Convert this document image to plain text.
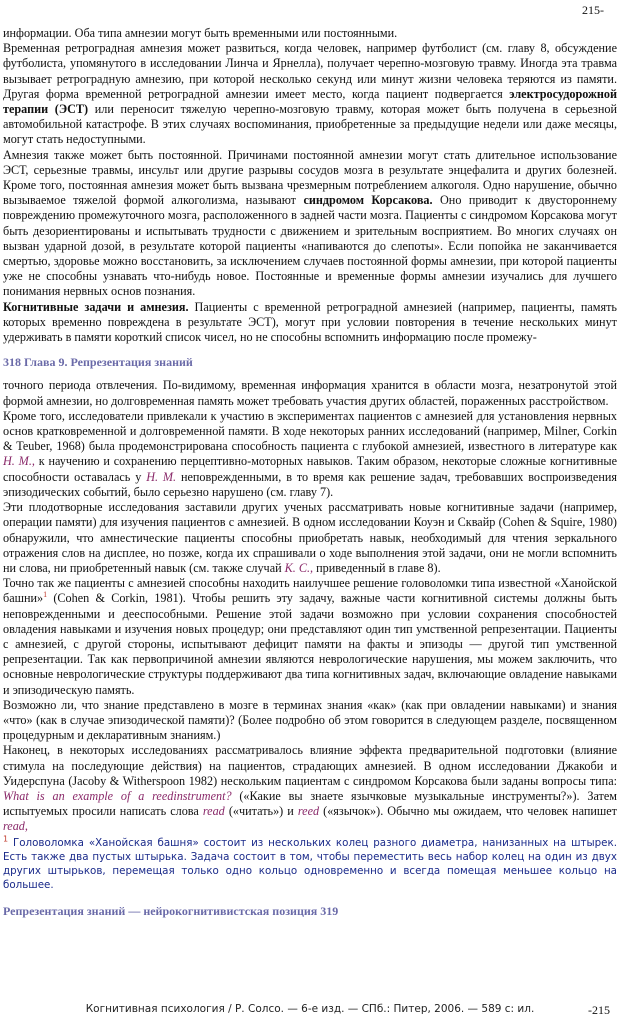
215-

информации. Оба типа амнезии могут быть временными или постоянными.

Временная ретроградная амнезия может развиться, когда человек, например футболист (см. главу 8, обсуждение футболиста, упомянутого в исследовании Линча и Ярнелла), получает черепно-мозговую травму. Иногда эта травма вызывает ретроградную амнезию, при которой несколько секунд или минут жизни человека теряются из памяти. Другая форма временной ретроградной амнезии имеет место, когда пациент подвергается электросудорожной терапии (ЭСТ) или переносит тяжелую черепно-мозговую травму, которая может быть получена в серьезной автомобильной катастрофе. В этих случаях воспоминания, приобретенные за предыдущие недели или даже месяцы, могут стать недоступными.

Амнезия также может быть постоянной. Причинами постоянной амнезии могут стать длительное использование ЭСТ, серьезные травмы, инсульт или другие разрывы сосудов мозга в результате энцефалита и других болезней. Кроме того, постоянная амнезия может быть вызвана чрезмерным потреблением алкоголя. Одно нарушение, обычно вызываемое тяжелой формой алкоголизма, называют синдромом Корсакова. Оно приводит к двустороннему повреждению промежуточного мозга, расположенного в задней части мозга. Пациенты с синдромом Корсакова могут быть дезориентированы и испытывать трудности с движением и зрительным восприятием. Во многих случаях он вызван ударной дозой, в результате которой пациенты «напиваются до слепоты». Если попойка не заканчивается смертью, здоровье можно восстановить, за исключением случаев постоянной формы амнезии, при которой пациенты уже не способны узнавать что-нибудь новое. Постоянные и временные формы амнезии изучались для лучшего понимания нервных основ познания.

Когнитивные задачи и амнезия. Пациенты с временной ретроградной амнезией (например, пациенты, память которых временно повреждена в результате ЭСТ), могут при условии повторения в течение нескольких минут удерживать в памяти короткий список чисел, но не способны вспомнить информацию после промежу-

318 Глава 9. Репрезентация знаний

точного периода отвлечения. По-видимому, временная информация хранится в области мозга, незатронутой этой формой амнезии, но долговременная память может требовать участия других областей, пораженных расстройством.

Кроме того, исследователи привлекали к участию в экспериментах пациентов с амнезией для установления нервных основ кратковременной и долговременной памяти. В ходе некоторых ранних исследований (например, Milner, Corkin & Teuber, 1968) была продемонстрирована способность пациента с глубокой амнезией, известного в литературе как Н. М., к научению и сохранению перцептивно-моторных навыков. Таким образом, некоторые сложные когнитивные способности оставалась у Н. М. неповрежденными, в то время как решение задач, требовавших воспроизведения эпизодических событий, было серьезно нарушено (см. главу 7).

Эти плодотворные исследования заставили других ученых рассматривать новые когнитивные задачи (например, операции памяти) для изучения пациентов с амнезией. В одном исследовании Коуэн и Сквайр (Cohen & Squire, 1980) обнаружили, что амнестические пациенты способны приобретать навык, необходимый для чтения зеркального отражения слов на дисплее, но позже, когда их спрашивали о ходе выполнения этой задачи, они не могли вспомнить ни слова, ни приобретенный навык (см. также случай К. С., приведенный в главе 8).

Точно так же пациенты с амнезией способны находить наилучшее решение головоломки типа известной «Ханойской башни»$^1$ (Cohen & Corkin, 1981). Чтобы решить эту задачу, важные части когнитивной системы должны быть неповрежденными и дееспособными. Решение этой задачи возможно при условии сохранения способностей овладения навыками и изучения новых процедур; они представляют один тип умственной репрезентации. Пациенты с амнезией, с другой стороны, испытывают дефицит памяти на факты и эпизоды — другой тип умственной репрезентации. Так как первопричиной амнезии являются неврологические нарушения, мы можем заключить, что основные неврологические структуры поддерживают два типа когнитивных задач, включающие овладение навыками и эпизодическую память.

Возможно ли, что знание представлено в мозге в терминах знания «как» (как при овладении навыками) и знания «что» (как в случае эпизодической памяти)? (Более подробно об этом говорится в следующем разделе, посвященном процедурным и декларативным знаниям.)

Наконец, в некоторых исследованиях рассматривалось влияние эффекта предварительной подготовки (влияние стимула на последующие действия) на пациентов, страдающих амнезией. В одном исследовании Джакоби и Уидерспуна (Jacoby & Witherspoon 1982) нескольким пациентам с синдромом Корсакова были заданы вопросы типа: What is an example of a reedinstrument? («Какие вы знаете язычковые музыкальные инструменты?»). Затем испытуемых просили написать слова read («читать») и reed («язычок»). Обычно мы ожидаем, что человек напишет read,

$^1$ Головоломка «Ханойская башня» состоит из нескольких колец разного диаметра, нанизанных на штырек. Есть также два пустых штырька. Задача состоит в том, чтобы переместить весь набор колец на один из двух других штырьков, перемещая только одно кольцо одновременно и всегда помещая меньшее кольцо на большее.
Репрезентация знаний — нейрокогнитивистская позиция 319
Когнитивная психология / Р. Солсо. — 6-е изд. — СПб.: Питер, 2006. — 589 с: ил.	-215
